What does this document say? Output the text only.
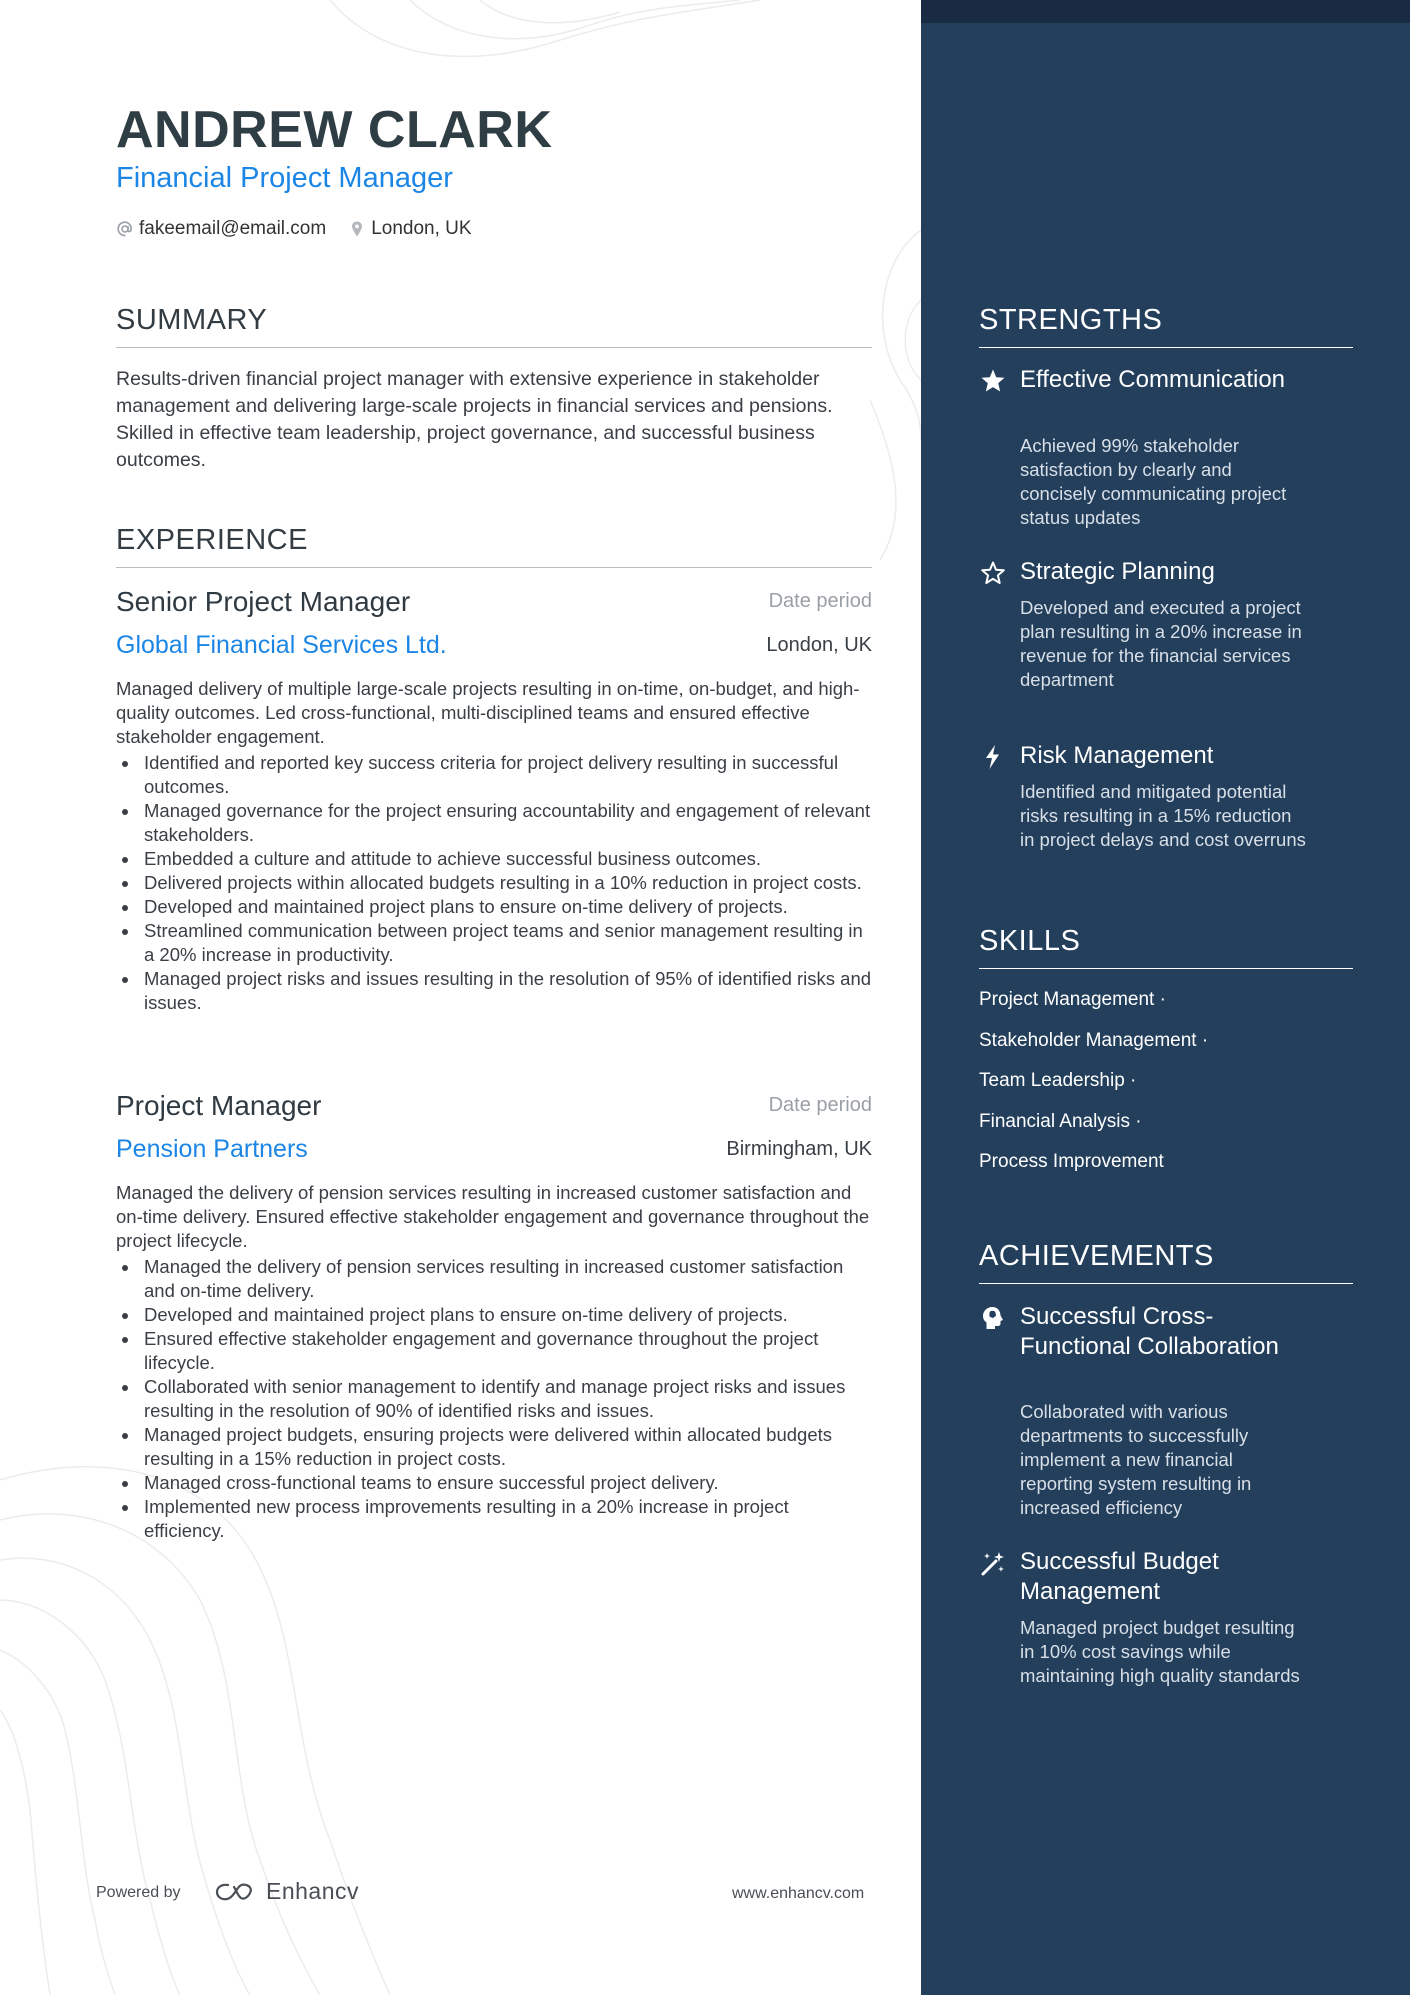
ANDREW CLARK
Financial Project Manager
fakeemail@email.com London, UK
SUMMARY

Results-driven financial project manager with extensive experience in stakeholder management and delivering large-scale projects in financial services and pensions. Skilled in effective team leadership, project governance, and successful business outcomes.

EXPERIENCE
Senior Project Manager	Date period
Global Financial Services Ltd.	London, UK

Managed delivery of multiple large-scale projects resulting in on-time, on-budget, and high-quality outcomes. Led cross-functional, multi-disciplined teams and ensured effective stakeholder engagement.

Identified and reported key success criteria for project delivery resulting in successful outcomes.
Managed governance for the project ensuring accountability and engagement of relevant stakeholders.
Embedded a culture and attitude to achieve successful business outcomes.
Delivered projects within allocated budgets resulting in a 10% reduction in project costs.
Developed and maintained project plans to ensure on-time delivery of projects.
Streamlined communication between project teams and senior management resulting in a 20% increase in productivity.
Managed project risks and issues resulting in the resolution of 95% of identified risks and issues.
Project Manager	Date period
Pension Partners	Birmingham, UK

Managed the delivery of pension services resulting in increased customer satisfaction and on-time delivery. Ensured effective stakeholder engagement and governance throughout the project lifecycle.

Managed the delivery of pension services resulting in increased customer satisfaction and on-time delivery.
Developed and maintained project plans to ensure on-time delivery of projects.
Ensured effective stakeholder engagement and governance throughout the project lifecycle.
Collaborated with senior management to identify and manage project risks and issues resulting in the resolution of 90% of identified risks and issues.
Managed project budgets, ensuring projects were delivered within allocated budgets resulting in a 15% reduction in project costs.
Managed cross-functional teams to ensure successful project delivery.
Implemented new process improvements resulting in a 20% increase in project efficiency.
Powered by	Enhancv	www.enhancv.com
STRENGTHS
Effective Communication

Achieved 99% stakeholder satisfaction by clearly and concisely communicating project status updates

Strategic Planning

Developed and executed a project plan resulting in a 20% increase in revenue for the financial services department

Risk Management

Identified and mitigated potential risks resulting in a 15% reduction in project delays and cost overruns

SKILLS
Project Management ·
Stakeholder Management ·
Team Leadership ·
Financial Analysis ·
Process Improvement
ACHIEVEMENTS
Successful Cross-Functional Collaboration

Collaborated with various departments to successfully implement a new financial reporting system resulting in increased efficiency

Successful Budget Management

Managed project budget resulting in 10% cost savings while maintaining high quality standards
